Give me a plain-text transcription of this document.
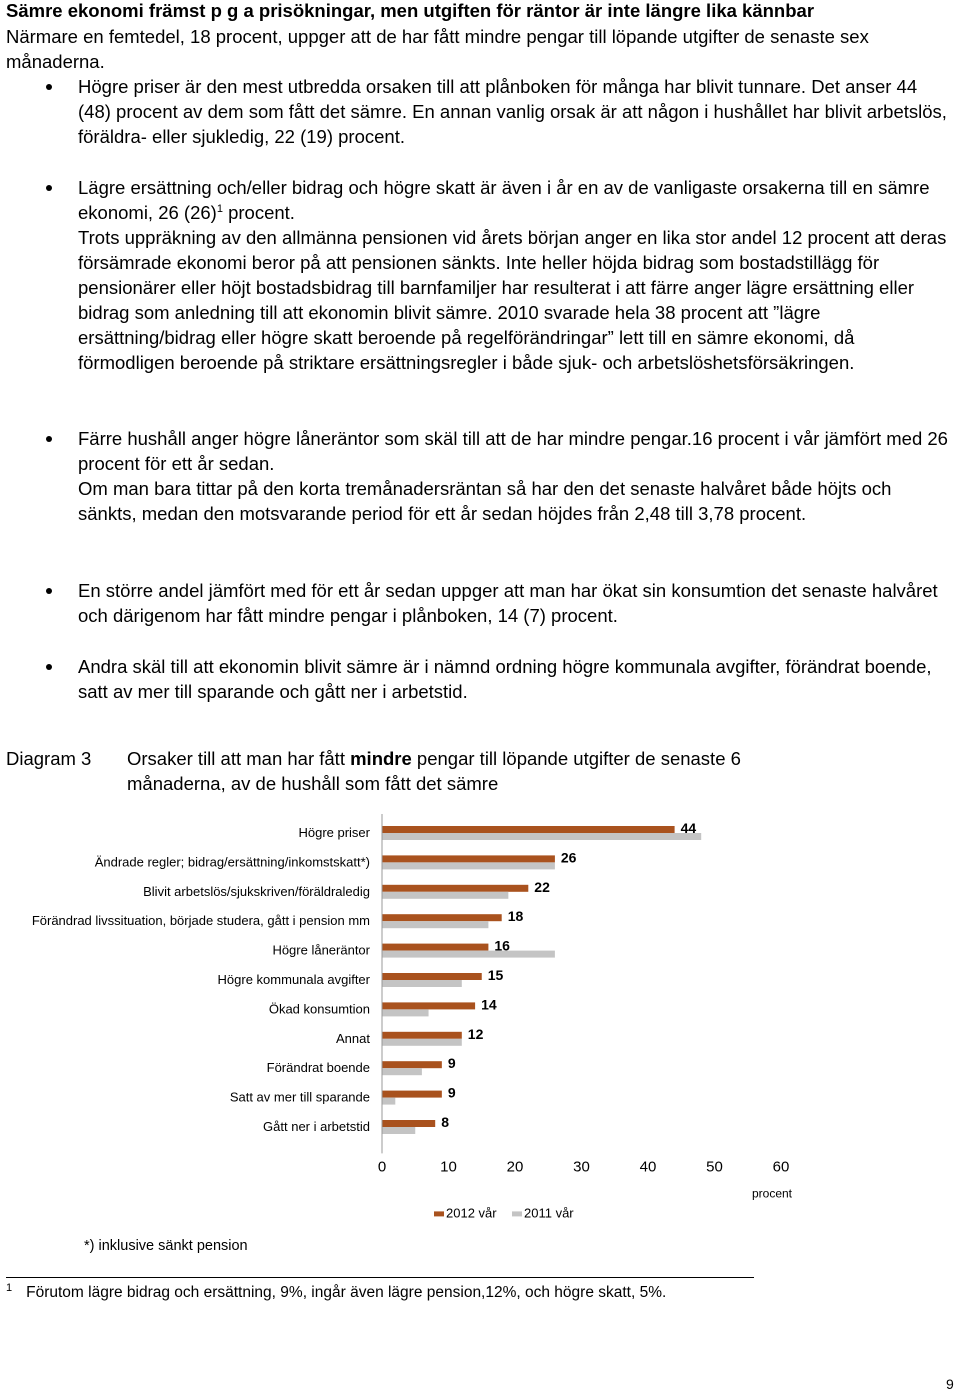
Sämre ekonomi främst p g a prisökningar, men utgiften för räntor är inte längre lika kännbar
Närmare en femtedel, 18 procent, uppger att de har fått mindre pengar till löpande utgifter de senaste sex månaderna.
Högre priser är den mest utbredda orsaken till att plånboken för många har blivit tunnare. Det anser 44 (48) procent av dem som fått det sämre. En annan vanlig orsak är att någon i hushållet har blivit arbetslös, föräldra- eller sjukledig, 22 (19) procent.
Lägre ersättning och/eller bidrag och högre skatt är även i år en av de vanligaste orsakerna till en sämre ekonomi, 26 $(26)^1$ procent.
Trots uppräkning av den allmänna pensionen vid årets början anger en lika stor andel 12 procent att deras försämrade ekonomi beror på att pensionen sänkts. Inte heller höjda bidrag som bostadstillägg för pensionärer eller höjt bostadsbidrag till barnfamiljer har resulterat i att färre anger lägre ersättning eller bidrag som anledning till att ekonomin blivit sämre. 2010 svarade hela 38 procent att ”lägre ersättning/bidrag eller högre skatt beroende på regelförändringar” lett till en sämre ekonomi, då förmodligen beroende på striktare ersättningsregler i både sjuk- och arbetslöshetsförsäkringen.
Färre hushåll anger högre låneräntor som skäl till att de har mindre pengar.16 procent i vår jämfört med 26 procent för ett år sedan.
Om man bara tittar på den korta tremånadersräntan så har den det senaste halvåret både höjts och sänkts, medan den motsvarande period för ett år sedan höjdes från 2,48 till 3,78 procent.
En större andel jämfört med för ett år sedan uppger att man har ökat sin konsumtion det senaste halvåret och därigenom har fått mindre pengar i plånboken, 14 (7) procent.
Andra skäl till att ekonomin blivit sämre är i nämnd ordning högre kommunala avgifter, förändrat boende, satt av mer till sparande och gått ner i arbetstid.
Diagram 3 Orsaker till att man har fått mindre pengar till löpande utgifter de senaste 6
månaderna, av de hushåll som fått det sämre
Högre priser	44
Ändrade regler; bidrag/ersättning/inkomstskatt*)	26
Blivit arbetslös/sjukskriven/föräldraledig	22
Förändrad livssituation, började studera, gått i pension mm	18
Högre låneräntor	16
Högre kommunala avgifter	15
Ökad konsumtion	14
Annat	12
Förändrat boende	9
Satt av mer till sparande	9
Gått ner i arbetstid	8
0	10	20	30	40	50	60
procent
2012 vår 2011 vår
*) inklusive sänkt pension
$^1$ Förutom lägre bidrag och ersättning, 9%, ingår även lägre pension,12%, och högre skatt, 5%.
9
